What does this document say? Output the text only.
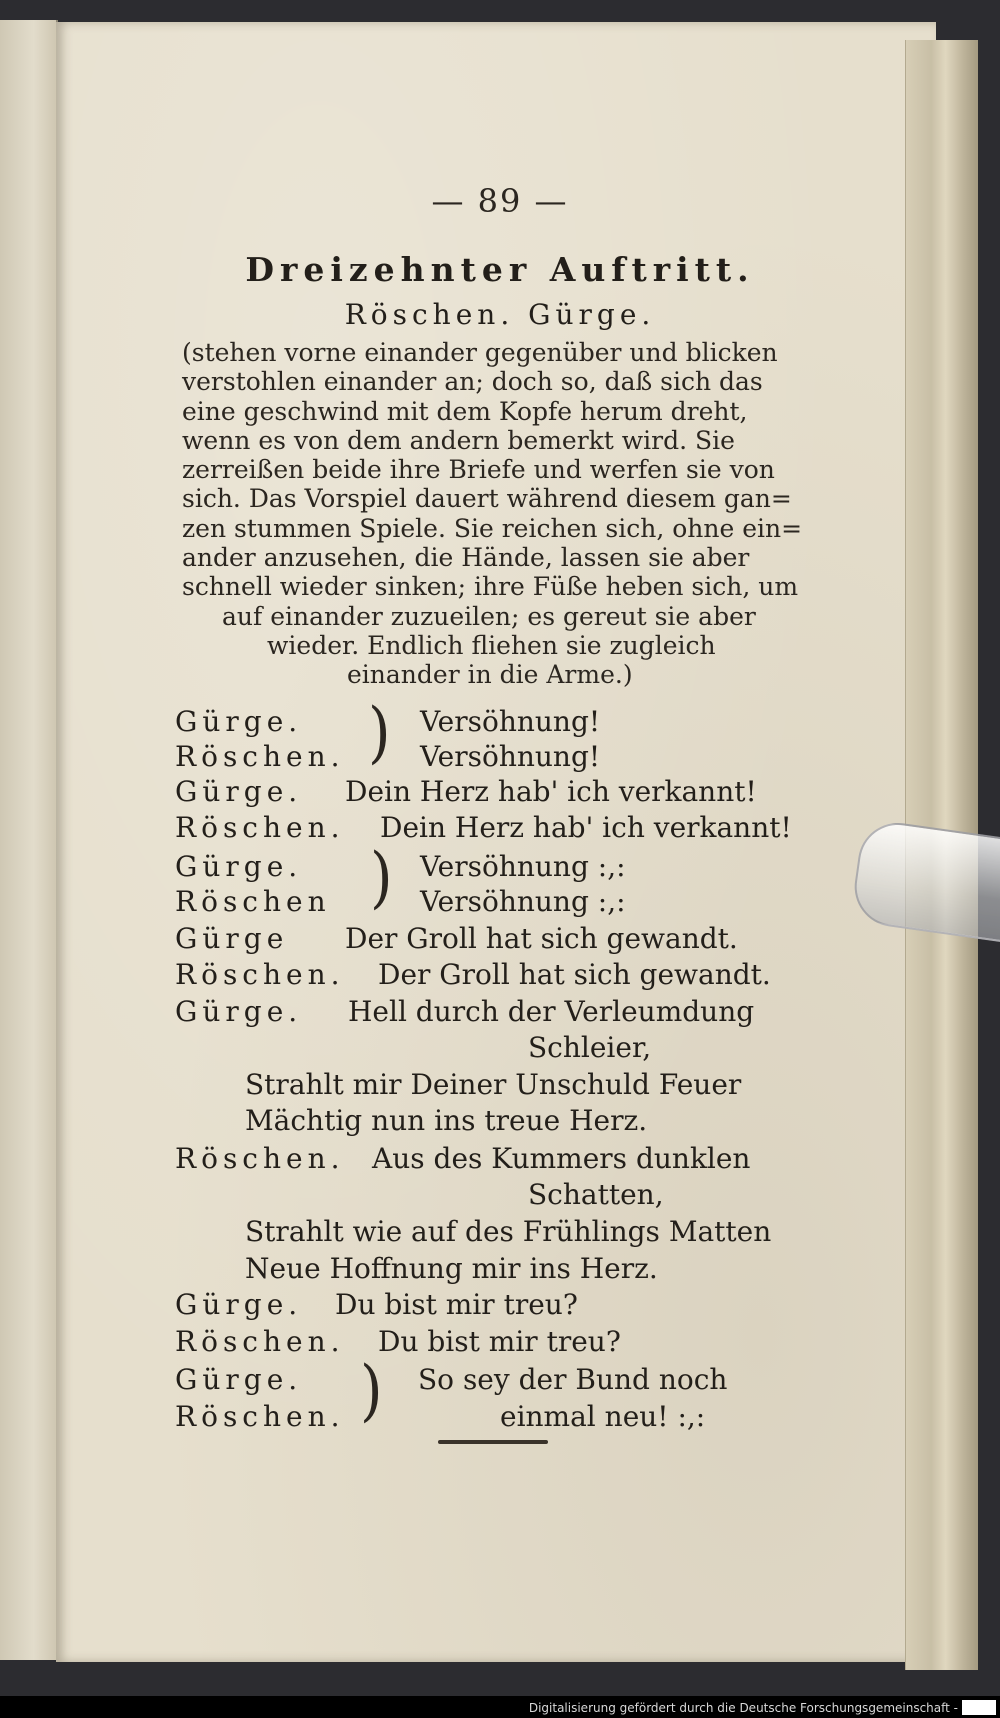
— 89 —
Dreizehnter Auftritt.
Röschen. Gürge.
(stehen vorne einander gegenüber und blicken
verstohlen einander an; doch so, daß sich das
eine geschwind mit dem Kopfe herum dreht,
wenn es von dem andern bemerkt wird. Sie
zerreißen beide ihre Briefe und werfen sie von
sich. Das Vorspiel dauert während diesem gan=
zen stummen Spiele. Sie reichen sich, ohne ein=
ander anzusehen, die Hände, lassen sie aber
schnell wieder sinken; ihre Füße heben sich, um
auf einander zuzueilen; es gereut sie aber
wieder. Endlich fliehen sie zugleich
einander in die Arme.)
Gürge.
Röschen. ) Versöhnung!
Versöhnung!
Gürge. Dein Herz hab' ich verkannt!
Röschen. Dein Herz hab' ich verkannt!
Gürge.
Röschen ) Versöhnung :,:
Versöhnung :,:
Gürge Der Groll hat sich gewandt.
Röschen. Der Groll hat sich gewandt.
Gürge. Hell durch der Verleumdung
Schleier,
Strahlt mir Deiner Unschuld Feuer
Mächtig nun ins treue Herz.
Röschen. Aus des Kummers dunklen
Schatten,
Strahlt wie auf des Frühlings Matten
Neue Hoffnung mir ins Herz.
Gürge. Du bist mir treu?
Röschen. Du bist mir treu?
Gürge.
Röschen. ) So sey der Bund noch
einmal neu! :,:
Digitalisierung gefördert durch die Deutsche Forschungsgemeinschaft -
